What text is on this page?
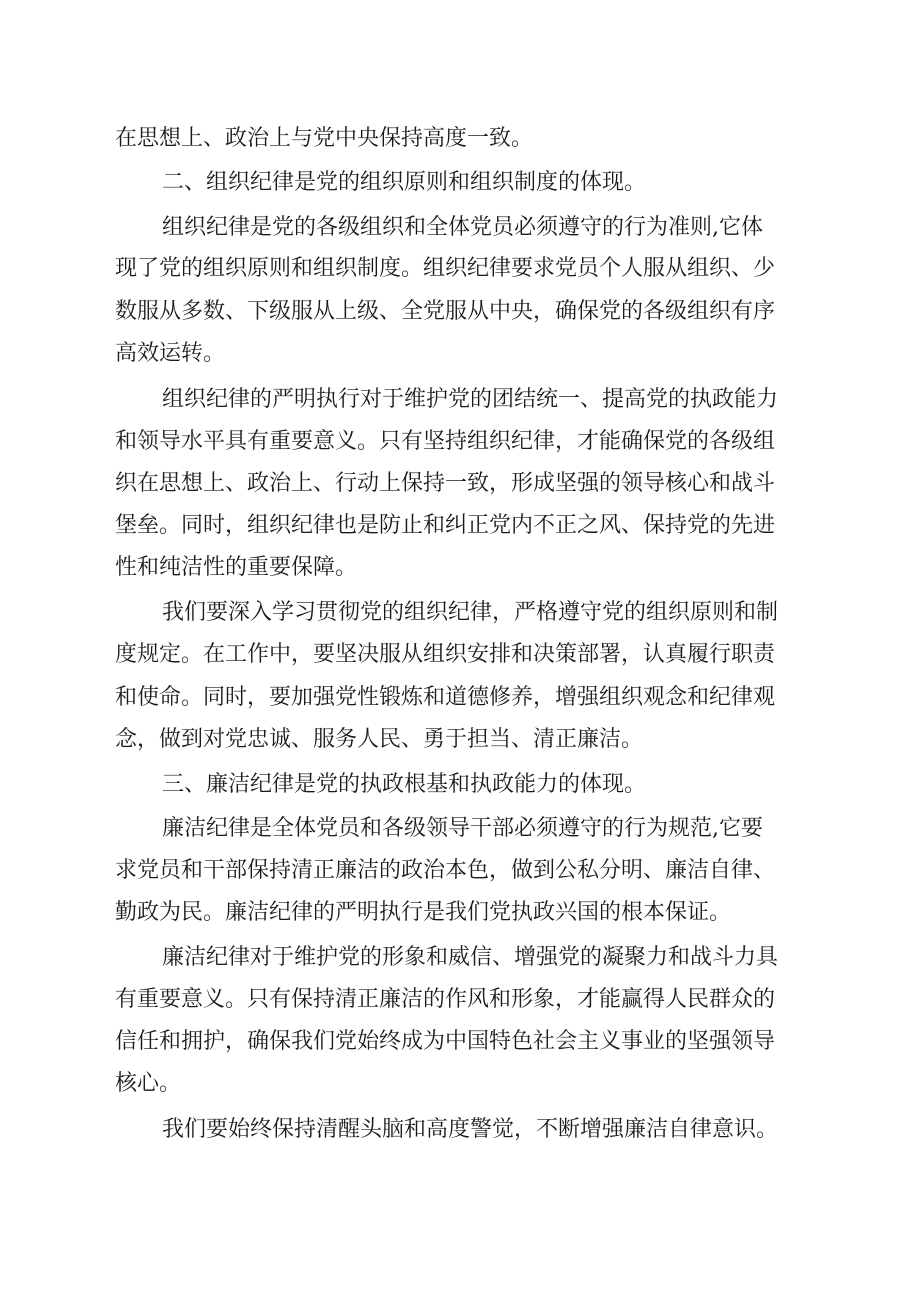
在思想上、政治上与党中央保持高度一致。
二、组织纪律是党的组织原则和组织制度的体现。
组织纪律是党的各级组织和全体党员必须遵守的行为准则,它体
现了党的组织原则和组织制度。组织纪律要求党员个人服从组织、少
数服从多数、下级服从上级、全党服从中央，确保党的各级组织有序
高效运转。
组织纪律的严明执行对于维护党的团结统一、提高党的执政能力
和领导水平具有重要意义。只有坚持组织纪律，才能确保党的各级组
织在思想上、政治上、行动上保持一致，形成坚强的领导核心和战斗
堡垒。同时，组织纪律也是防止和纠正党内不正之风、保持党的先进
性和纯洁性的重要保障。
我们要深入学习贯彻党的组织纪律，严格遵守党的组织原则和制
度规定。在工作中，要坚决服从组织安排和决策部署，认真履行职责
和使命。同时，要加强党性锻炼和道德修养，增强组织观念和纪律观
念，做到对党忠诚、服务人民、勇于担当、清正廉洁。
三、廉洁纪律是党的执政根基和执政能力的体现。
廉洁纪律是全体党员和各级领导干部必须遵守的行为规范,它要
求党员和干部保持清正廉洁的政治本色，做到公私分明、廉洁自律、
勤政为民。廉洁纪律的严明执行是我们党执政兴国的根本保证。
廉洁纪律对于维护党的形象和威信、增强党的凝聚力和战斗力具
有重要意义。只有保持清正廉洁的作风和形象，才能赢得人民群众的
信任和拥护，确保我们党始终成为中国特色社会主义事业的坚强领导
核心。
我们要始终保持清醒头脑和高度警觉，不断增强廉洁自律意识。
